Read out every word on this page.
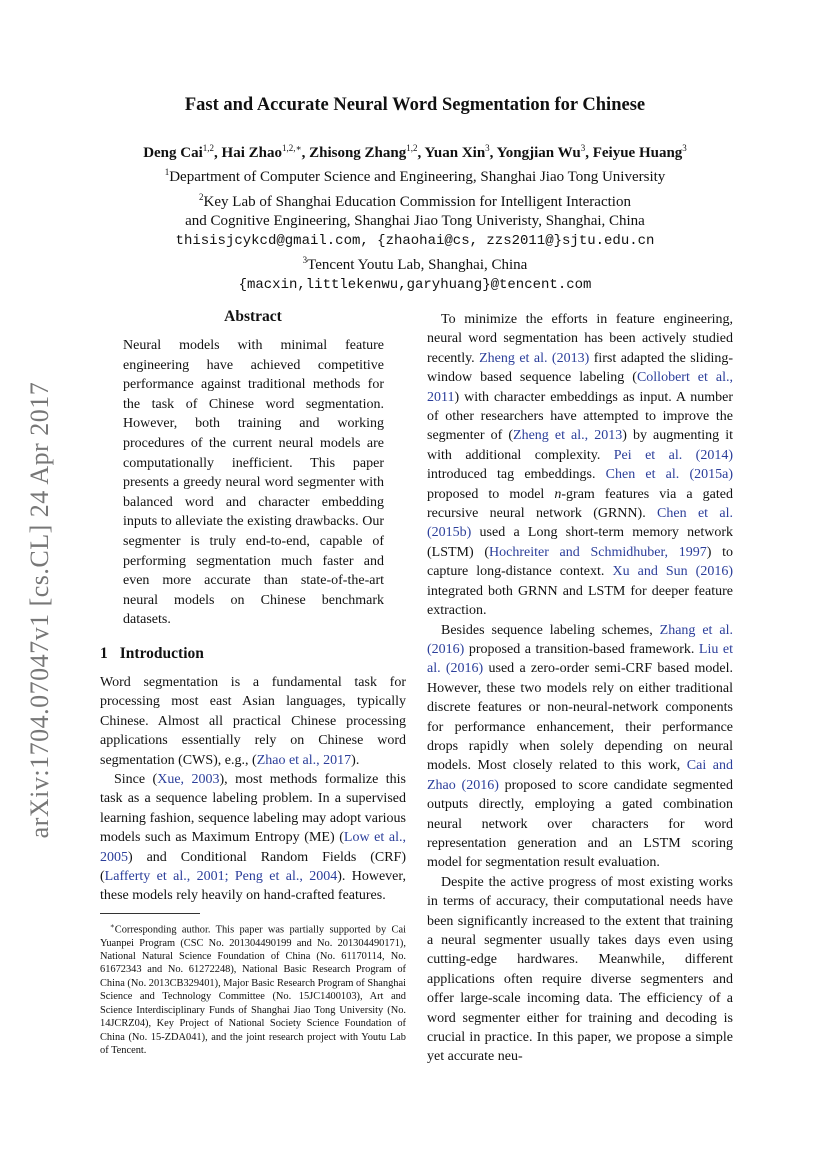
arXiv:1704.07047v1 [cs.CL] 24 Apr 2017
Fast and Accurate Neural Word Segmentation for Chinese

Deng Cai$^{1,2}$, Hai Zhao$^{1,2,∗}$, Zhisong Zhang$^{1,2}$, Yuan Xin$^3$, Yongjian Wu$^3$, Feiyue Huang$^3$

$^1$Department of Computer Science and Engineering, Shanghai Jiao Tong University

$^2$Key Lab of Shanghai Education Commission for Intelligent Interaction

and Cognitive Engineering, Shanghai Jiao Tong Univeristy, Shanghai, China

thisisjcykcd@gmail.com, {zhaohai@cs, zzs2011@}sjtu.edu.cn

$^3$Tencent Youtu Lab, Shanghai, China

{macxin,littlekenwu,garyhuang}@tencent.com

Abstract

Neural models with minimal feature engineering have achieved competitive performance against traditional methods for the task of Chinese word segmentation. However, both training and working procedures of the current neural models are computationally inefficient. This paper presents a greedy neural word segmenter with balanced word and character embedding inputs to alleviate the existing drawbacks. Our segmenter is truly end-to-end, capable of performing segmentation much faster and even more accurate than state-of-the-art neural models on Chinese benchmark datasets.

1 Introduction

Word segmentation is a fundamental task for processing most east Asian languages, typically Chinese. Almost all practical Chinese processing applications essentially rely on Chinese word segmentation (CWS), e.g., (Zhao et al., 2017).

Since (Xue, 2003), most methods formalize this task as a sequence labeling problem. In a supervised learning fashion, sequence labeling may adopt various models such as Maximum Entropy (ME) (Low et al., 2005) and Conditional Random Fields (CRF) (Lafferty et al., 2001; Peng et al., 2004). However, these models rely heavily on hand-crafted features.

∗Corresponding author. This paper was partially supported by Cai Yuanpei Program (CSC No. 201304490199 and No. 201304490171), National Natural Science Foundation of China (No. 61170114, No. 61672343 and No. 61272248), National Basic Research Program of China (No. 2013CB329401), Major Basic Research Program of Shanghai Science and Technology Committee (No. 15JC1400103), Art and Science Interdisciplinary Funds of Shanghai Jiao Tong University (No. 14JCRZ04), Key Project of National Society Science Foundation of China (No. 15-ZDA041), and the joint research project with Youtu Lab of Tencent.

To minimize the efforts in feature engineering, neural word segmentation has been actively studied recently. Zheng et al. (2013) first adapted the sliding-window based sequence labeling (Collobert et al., 2011) with character embeddings as input. A number of other researchers have attempted to improve the segmenter of (Zheng et al., 2013) by augmenting it with additional complexity. Pei et al. (2014) introduced tag embeddings. Chen et al. (2015a) proposed to model n-gram features via a gated recursive neural network (GRNN). Chen et al. (2015b) used a Long short-term memory network (LSTM) (Hochreiter and Schmidhuber, 1997) to capture long-distance context. Xu and Sun (2016) integrated both GRNN and LSTM for deeper feature extraction.

Besides sequence labeling schemes, Zhang et al. (2016) proposed a transition-based framework. Liu et al. (2016) used a zero-order semi-CRF based model. However, these two models rely on either traditional discrete features or non-neural-network components for performance enhancement, their performance drops rapidly when solely depending on neural models. Most closely related to this work, Cai and Zhao (2016) proposed to score candidate segmented outputs directly, employing a gated combination neural network over characters for word representation generation and an LSTM scoring model for segmentation result evaluation.

Despite the active progress of most existing works in terms of accuracy, their computational needs have been significantly increased to the extent that training a neural segmenter usually takes days even using cutting-edge hardwares. Meanwhile, different applications often require diverse segmenters and offer large-scale incoming data. The efficiency of a word segmenter either for training and decoding is crucial in practice. In this paper, we propose a simple yet accurate neu-
